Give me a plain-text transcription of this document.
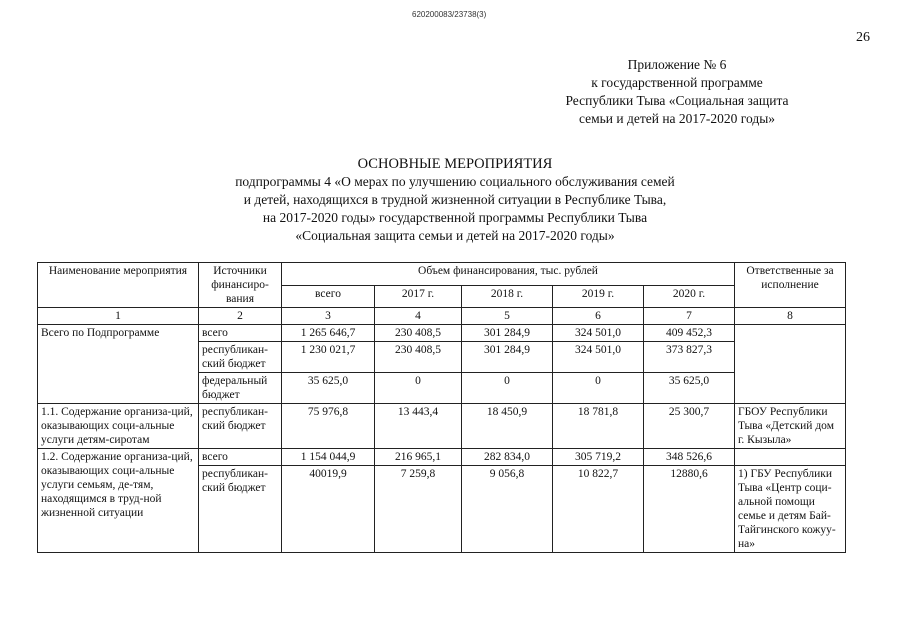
620200083/23738(3)
26
Приложение № 6
к государственной программе
Республики Тыва «Социальная защита
семьи и детей на 2017-2020 годы»
ОСНОВНЫЕ МЕРОПРИЯТИЯ
подпрограммы 4 «О мерах по улучшению социального обслуживания семей
и детей, находящихся в трудной жизненной ситуации в Республике Тыва,
на 2017-2020 годы» государственной программы Республики Тыва
«Социальная защита семьи и детей на 2017-2020 годы»
Наименование мероприятия	Источники финансиро-вания	Объем финансирования, тыс. рублей					Ответственные за исполнение
		всего	2017 г.	2018 г.	2019 г.	2020 г.	
1	2	3	4	5	6	7	8
Всего по Подпрограмме	всего	1 265 646,7	230 408,5	301 284,9	324 501,0	409 452,3	
	республикан-ский бюджет	1 230 021,7	230 408,5	301 284,9	324 501,0	373 827,3	
	федеральный бюджет	35 625,0	0	0	0	35 625,0	
1.1. Содержание организа-ций, оказывающих соци-альные услуги детям-сиротам	республикан-ский бюджет	75 976,8	13 443,4	18 450,9	18 781,8	25 300,7	ГБОУ Республики Тыва «Детский дом г. Кызыла»
1.2. Содержание организа-ций, оказывающих соци-альные услуги семьям, де-тям, находящимся в труд-ной жизненной ситуации	всего	1 154 044,9	216 965,1	282 834,0	305 719,2	348 526,6	
	республикан-ский бюджет	40019,9	7 259,8	9 056,8	10 822,7	12880,6	1) ГБУ Республики Тыва «Центр соци-альной помощи семье и детям Бай-Тайгинского кожуу-на»
